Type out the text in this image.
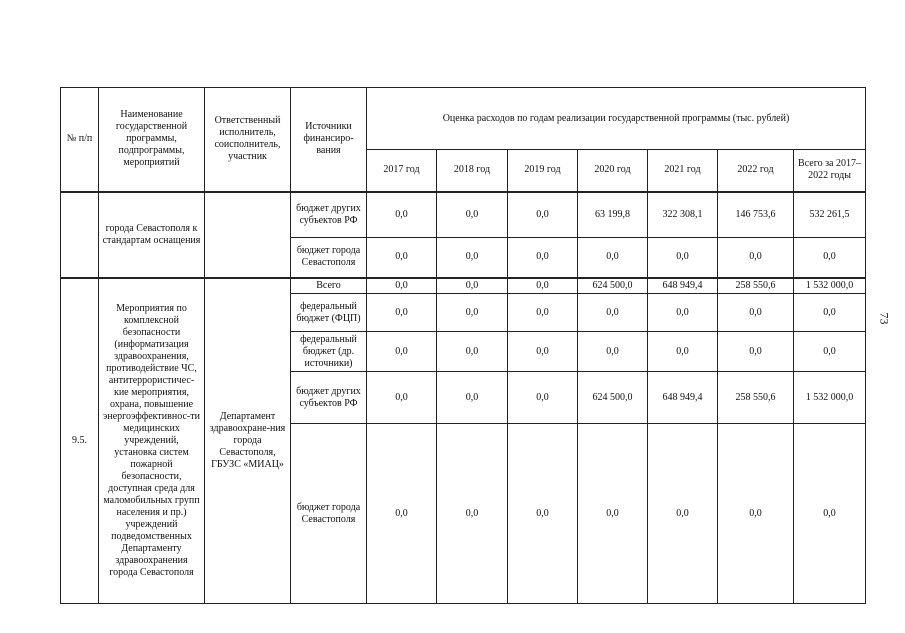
№ п/п	Наименование государственной программы, подпрограммы, мероприятий	Ответственный исполнитель, соисполнитель, участник	Источники финансиро-вания	Оценка расходов по годам реализации государственной программы (тыс. рублей)						
				2017 год	2018 год	2019 год	2020 год	2021 год	2022 год	Всего за 2017–2022 годы
	города Севастополя к стандартам оснащения		бюджет других субъектов РФ	0,0	0,0	0,0	63 199,8	322 308,1	146 753,6	532 261,5
			бюджет города Севастополя	0,0	0,0	0,0	0,0	0,0	0,0	0,0
9.5.	Мероприятия по комплексной безопасности (информатизация здравоохранения, противодействие ЧС, антитеррористичес-кие мероприятия, охрана, повышение энергоэффективнос-ти медицинских учреждений, установка систем пожарной безопасности, доступная среда для маломобильных групп населения и пр.) учреждений подведомственных Департаменту здравоохранения города Севастополя	Департамент здравоохране-ния города Севастополя, ГБУЗС «МИАЦ»	Всего	0,0	0,0	0,0	624 500,0	648 949,4	258 550,6	1 532 000,0
			федеральный бюджет (ФЦП)	0,0	0,0	0,0	0,0	0,0	0,0	0,0
			федеральный бюджет (др. источники)	0,0	0,0	0,0	0,0	0,0	0,0	0,0
			бюджет других субъектов РФ	0,0	0,0	0,0	624 500,0	648 949,4	258 550,6	1 532 000,0
			бюджет города Севастополя	0,0	0,0	0,0	0,0	0,0	0,0	0,0
73
